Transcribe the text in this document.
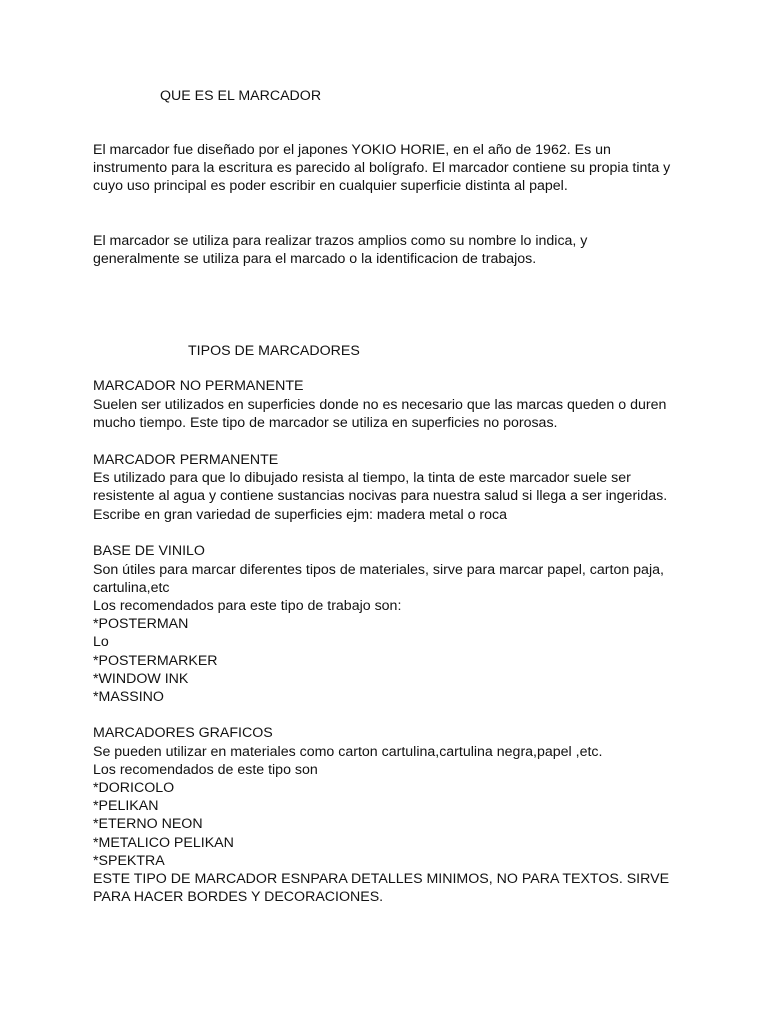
QUE ES EL MARCADOR

El marcador fue diseñado por el japones YOKIO HORIE, en el año de 1962. Es un

instrumento para la escritura es parecido al bolígrafo. El marcador contiene su propia tinta y

cuyo uso principal es poder escribir en cualquier superficie distinta al papel.

El marcador se utiliza para realizar trazos amplios como su nombre lo indica, y

generalmente se utiliza para el marcado o la identificacion de trabajos.

TIPOS DE MARCADORES

MARCADOR NO PERMANENTE

Suelen ser utilizados en superficies donde no es necesario que las marcas queden o duren

mucho tiempo. Este tipo de marcador se utiliza en superficies no porosas.

MARCADOR PERMANENTE

Es utilizado para que lo dibujado resista al tiempo, la tinta de este marcador suele ser

resistente al agua y contiene sustancias nocivas para nuestra salud si llega a ser ingeridas.

Escribe en gran variedad de superficies ejm: madera metal o roca

BASE DE VINILO

Son útiles para marcar diferentes tipos de materiales, sirve para marcar papel, carton paja,

cartulina,etc

Los recomendados para este tipo de trabajo son:

*POSTERMAN

Lo

*POSTERMARKER

*WINDOW INK

*MASSINO

MARCADORES GRAFICOS

Se pueden utilizar en materiales como carton cartulina,cartulina negra,papel ,etc.

Los recomendados de este tipo son

*DORICOLO

*PELIKAN

*ETERNO NEON

*METALICO PELIKAN

*SPEKTRA

ESTE TIPO DE MARCADOR ESNPARA DETALLES MINIMOS, NO PARA TEXTOS. SIRVE

PARA HACER BORDES Y DECORACIONES.
